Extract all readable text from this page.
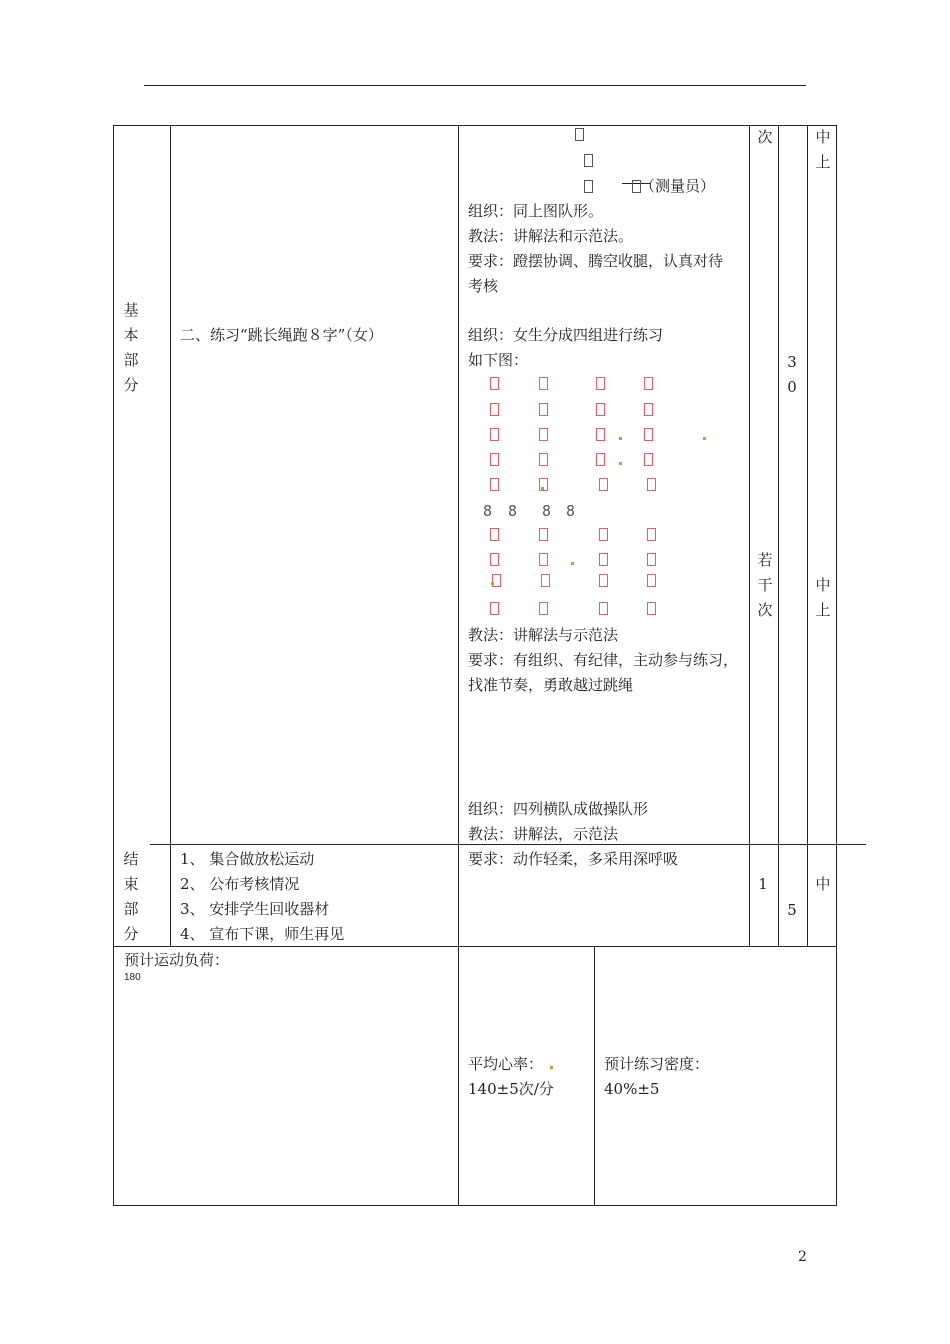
基
本
部
分
二、练习“跳长绳跑８字”（女）
（测量员）
组织：同上图队形。
教法：讲解法和示范法。
要求：蹬摆协调、腾空收腿，认真对待
考核
组织：女生分成四组进行练习
如下图：
8 8 8 8
教法：讲解法与示范法
要求：有组织、有纪律，主动参与练习，
找准节奏，勇敢越过跳绳
组织：四列横队成做操队形
教法：讲解法，示范法
次
若
干
次
3
0
中
上
中
上
结
束
部
分
1、 集合做放松运动
2、 公布考核情况
3、 安排学生回收器材
4、 宣布下课，师生再见
要求：动作轻柔，多采用深呼吸
1
5
中
预计运动负荷：
180
平均心率：
140±5次/分
预计练习密度：
40%±5
2
